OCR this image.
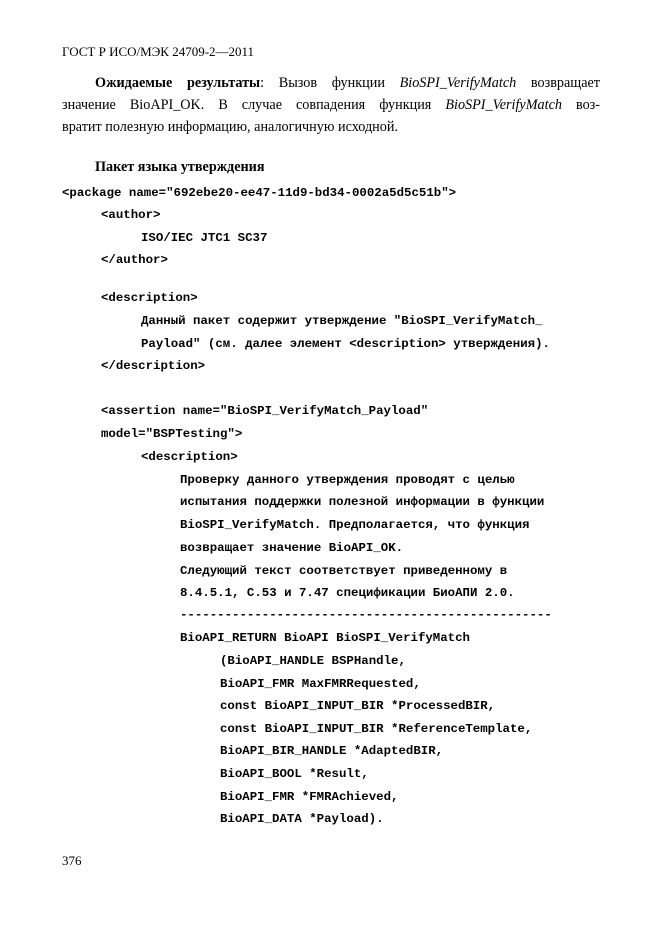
ГОСТ Р ИСО/МЭК 24709-2—2011
Ожидаемые результаты: Вызов функции BioSPI_VerifyMatch возвращает
значение BioAPI_OK. В случае совпадения функция BioSPI_VerifyMatch воз-
вратит полезную информацию, аналогичную исходной.
Пакет языка утверждения
<package name="692ebe20-ee47-11d9-bd34-0002a5d5c51b">
<author>
ISO/IEC JTC1 SC37
</author>
<description>
Данный пакет содержит утверждение "BioSPI_VerifyMatch_
Payload" (см. далее элемент <description> утверждения).
</description>
<assertion name="BioSPI_VerifyMatch_Payload"
model="BSPTesting">
<description>
Проверку данного утверждения проводят с целью
испытания поддержки полезной информации в функции
BioSPI_VerifyMatch. Предполагается, что функция
возвращает значение BioAPI_OK.
Следующий текст соответствует приведенному в
8.4.5.1, C.53 и 7.47 спецификации БиоАПИ 2.0.
--------------------------------------------------
BioAPI_RETURN BioAPI BioSPI_VerifyMatch
(BioAPI_HANDLE BSPHandle,
BioAPI_FMR MaxFMRRequested,
const BioAPI_INPUT_BIR *ProcessedBIR,
const BioAPI_INPUT_BIR *ReferenceTemplate,
BioAPI_BIR_HANDLE *AdaptedBIR,
BioAPI_BOOL *Result,
BioAPI_FMR *FMRAchieved,
BioAPI_DATA *Payload).
376
